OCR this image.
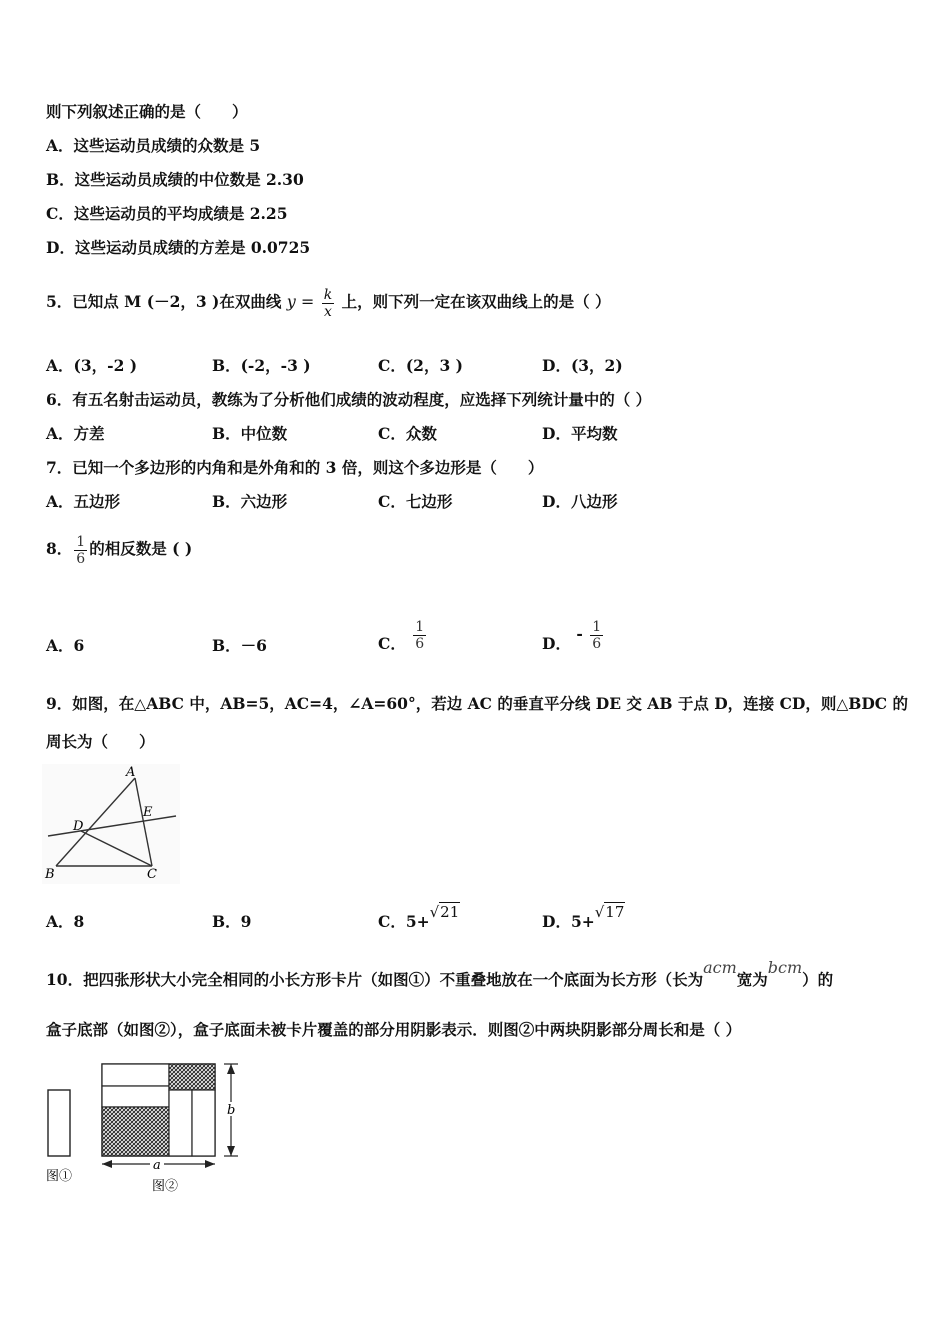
则下列叙述正确的是（　　）
A．这些运动员成绩的众数是 5
B．这些运动员成绩的中位数是 2.30
C．这些运动员的平均成绩是 2.25
D．这些运动员成绩的方差是 0.0725
5．已知点 M (－2，3 )在双曲线 $y = \frac{k}{x}$ 上，则下列一定在该双曲线上的是（ ）
A．(3，-2 )	B．(-2，-3 )	C．(2，3 )	D．(3，2)
6．有五名射击运动员，教练为了分析他们成绩的波动程度，应选择下列统计量中的（ ）
A．方差	B．中位数	C．众数	D．平均数
7．已知一个多边形的内角和是外角和的 3 倍，则这个多边形是（　　）
A．五边形	B．六边形	C．七边形	D．八边形
8． $\frac{1}{6}$ 的相反数是 ( )
A．6	B．－6	C． $\frac{1}{6}$	D． - $\frac{1}{6}$
9．如图，在△ABC 中，AB=5，AC=4，∠A=60°，若边 AC 的垂直平分线 DE 交 AB 于点 D，连接 CD，则△BDC 的
周长为（　　）
A
B	C
D
E
A．8	B．9	C．5+√21	D．5+√17
10．把四张形状大小完全相同的小长方形卡片（如图①）不重叠地放在一个底面为长方形（长为acm宽为bcm）的
盒子底部（如图②），盒子底面未被卡片覆盖的部分用阴影表示．则图②中两块阴影部分周长和是（ ）
图①
b
a
图②
